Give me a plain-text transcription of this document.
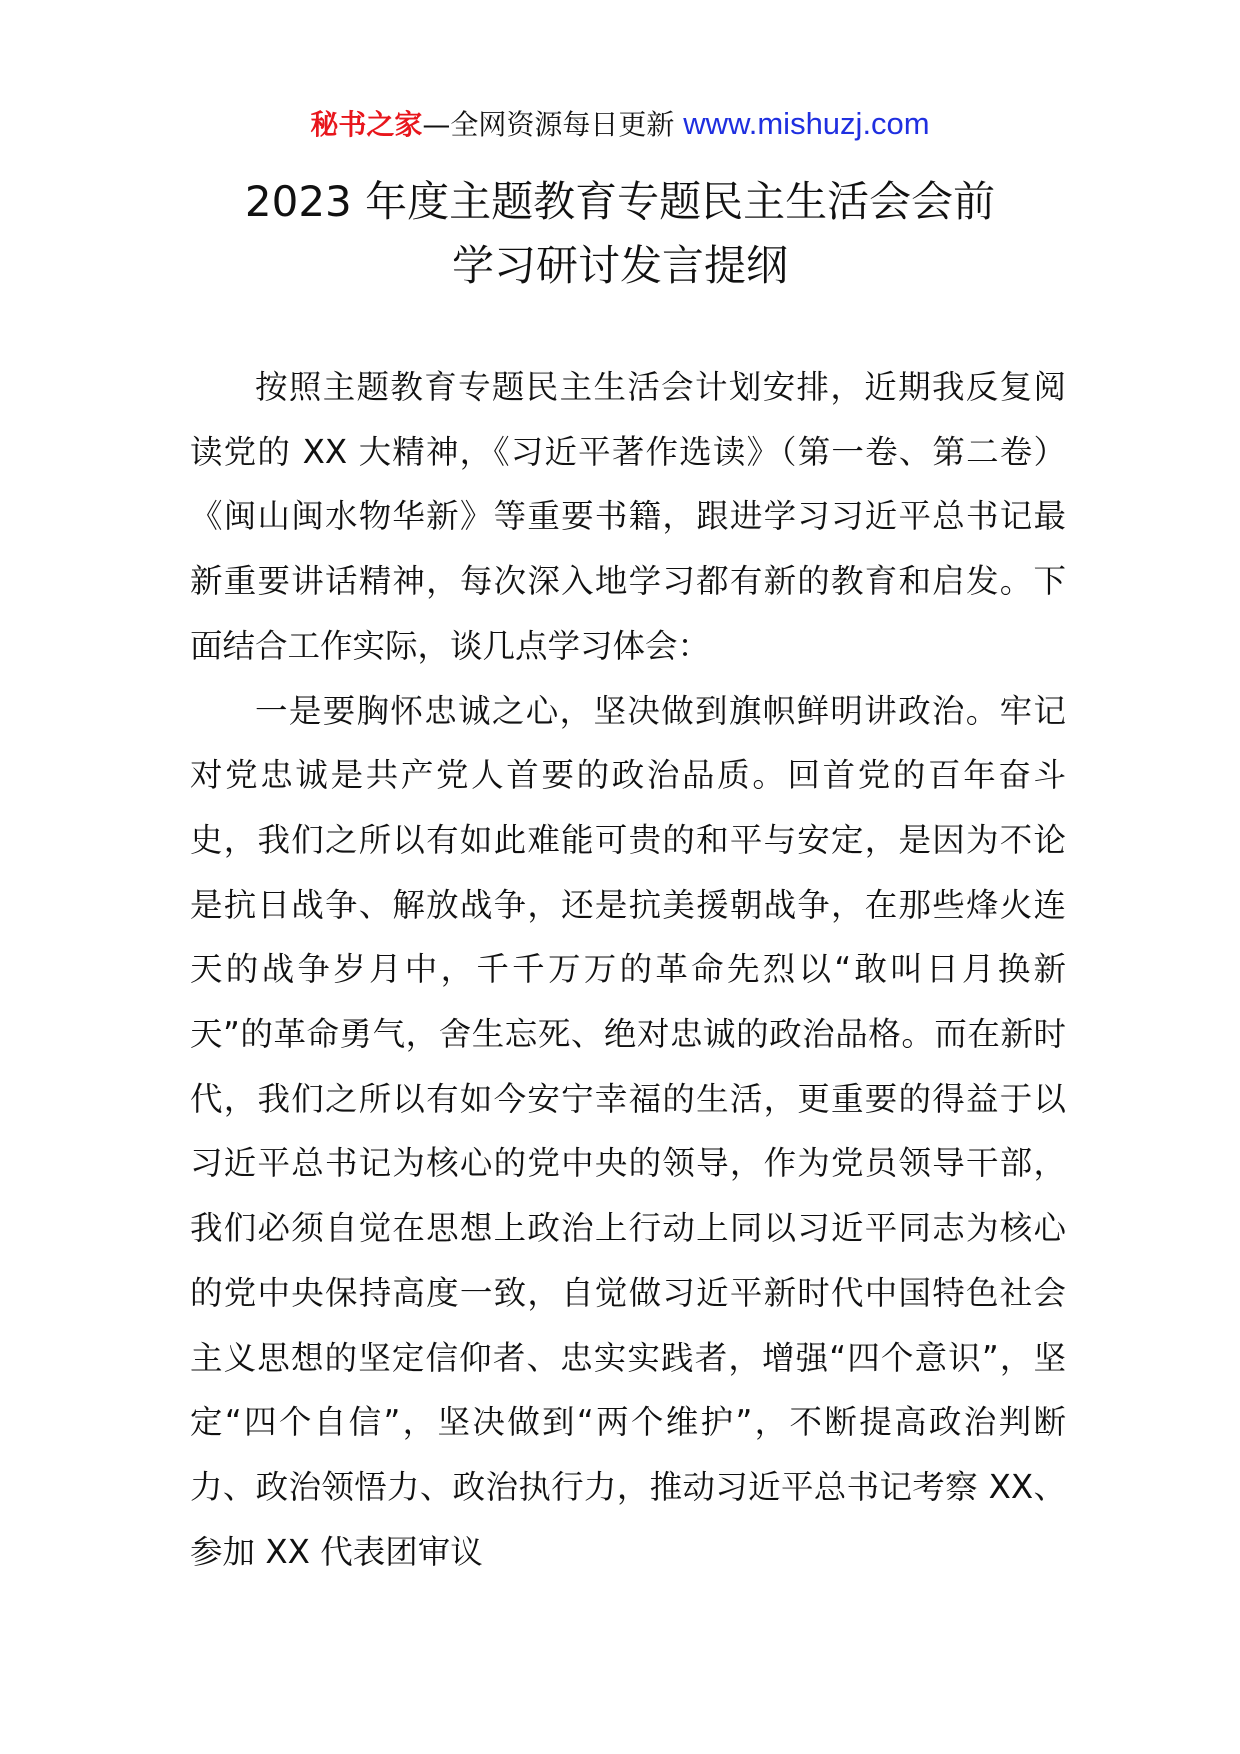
秘书之家—全网资源每日更新 www.mishuzj.com
2023 年度主题教育专题民主生活会会前
学习研讨发言提纲

按照主题教育专题民主生活会计划安排，近期我反复阅读党的 XX 大精神，《习近平著作选读》（第一卷、第二卷）《闽山闽水物华新》等重要书籍，跟进学习习近平总书记最新重要讲话精神，每次深入地学习都有新的教育和启发。下面结合工作实际，谈几点学习体会：

一是要胸怀忠诚之心，坚决做到旗帜鲜明讲政治。牢记对党忠诚是共产党人首要的政治品质。回首党的百年奋斗史，我们之所以有如此难能可贵的和平与安定，是因为不论是抗日战争、解放战争，还是抗美援朝战争，在那些烽火连天的战争岁月中，千千万万的革命先烈以“敢叫日月换新天”的革命勇气，舍生忘死、绝对忠诚的政治品格。而在新时代，我们之所以有如今安宁幸福的生活，更重要的得益于以习近平总书记为核心的党中央的领导，作为党员领导干部，我们必须自觉在思想上政治上行动上同以习近平同志为核心的党中央保持高度一致，自觉做习近平新时代中国特色社会主义思想的坚定信仰者、忠实实践者，增强“四个意识”，坚定“四个自信”，坚决做到“两个维护”，不断提高政治判断力、政治领悟力、政治执行力，推动习近平总书记考察 XX、参加 XX 代表团审议
